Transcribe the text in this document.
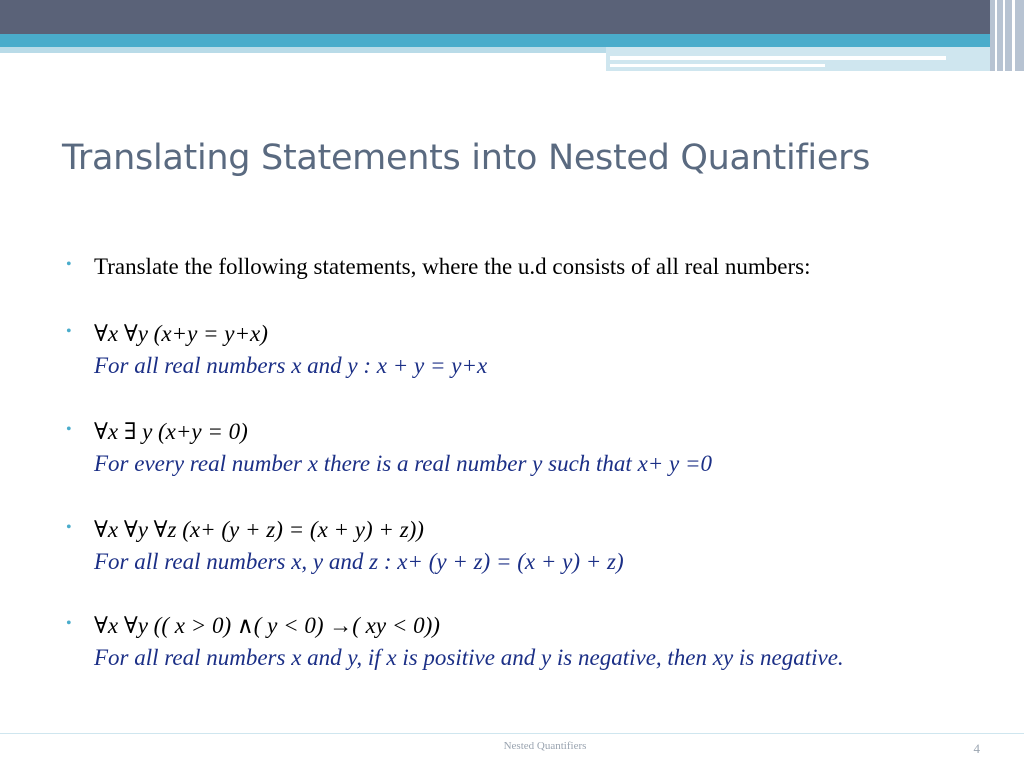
Translating Statements into Nested Quantifiers
• Translate the following statements, where the u.d consists of all real numbers:
• ∀x ∀y (x+y = y+x)
For all real numbers x and y : x + y = y+x
• ∀x ∃ y (x+y = 0)
For every real number x there is a real number y such that x+ y =0
• ∀x ∀y ∀z (x+ (y + z) = (x + y) + z))
For all real numbers x, y and z : x+ (y + z) = (x + y) + z)
• ∀x ∀y (( x > 0) ∧( y < 0) →( xy < 0))
For all real numbers x and y, if x is positive and y is negative, then xy is negative.
Nested Quantifiers	4
